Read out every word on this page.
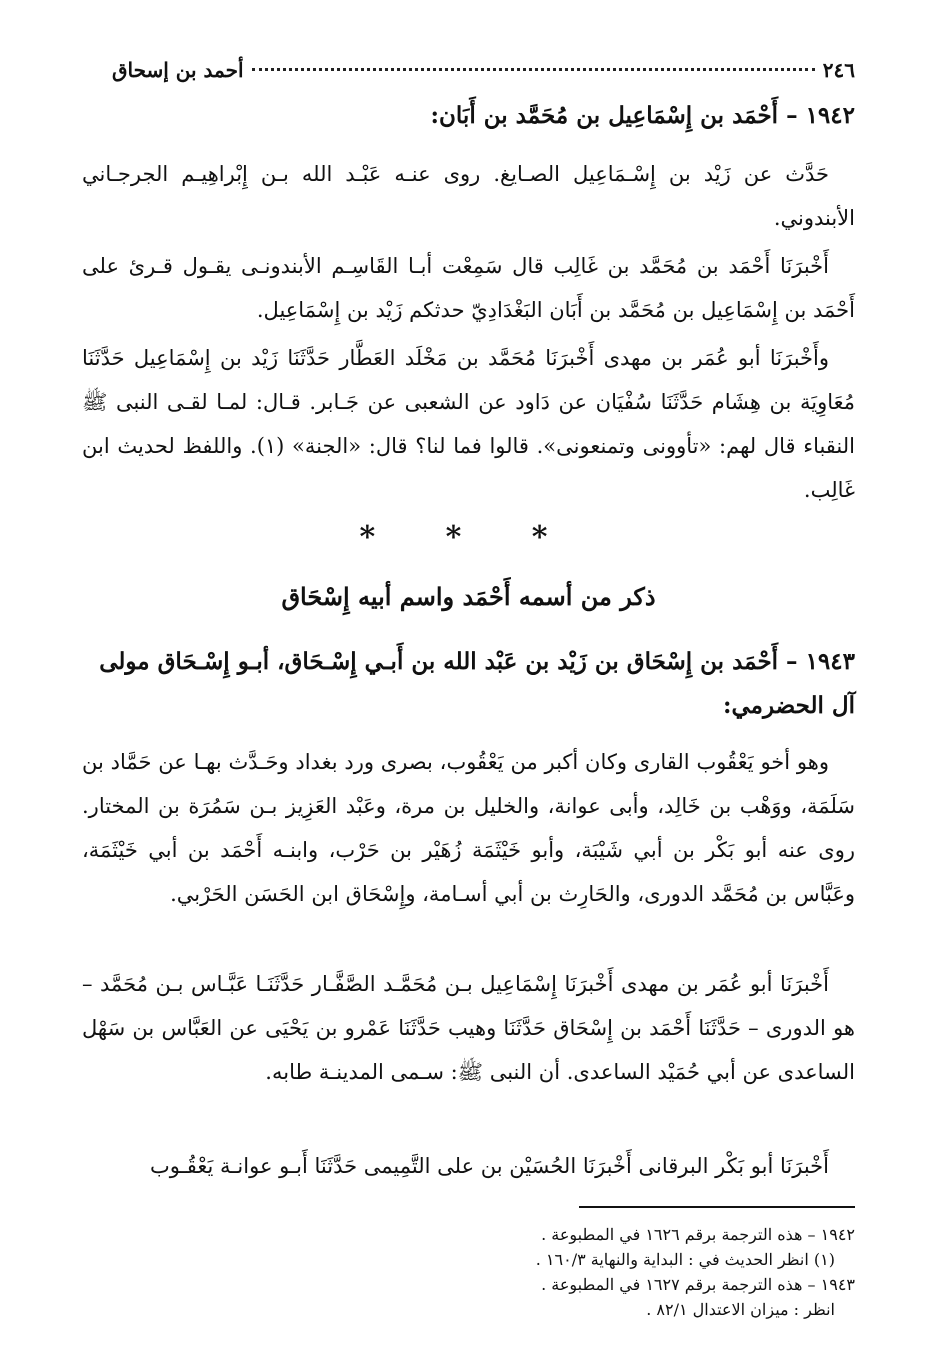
٢٤٦
أحمد بن إسحاق
١٩٤٢ – أَحْمَد بن إِسْمَاعِيل بن مُحَمَّد بن أَبَان:
حَدَّث عن زَيْد بن إِسْـمَاعِيل الصـايغ. روى عنـه عَبْـد الله بـن إِبْراهِيـم الجرجـاني الأبندوني.
أَخْبرَنَا أَحْمَد بن مُحَمَّد بن غَالِب قال سَمِعْت أبـا القَاسِـم الأبندونـى يقـول قـرئ على أَحْمَد بن إِسْمَاعِيل بن مُحَمَّد بن أَبَان البَغْدَادِيّ حدثكم زَيْد بن إِسْمَاعِيل.
وأَخْبرَنَا أبو عُمَر بن مهدى أَخْبرَنَا مُحَمَّد بن مَخْلَد العَطَّار حَدَّثَنَا زَيْد بن إِسْمَاعِيل حَدَّثَنَا مُعَاوِيَة بن هِشَام حَدَّثَنَا سُفْيَان عن دَاود عن الشعبى عن جَـابر. قـال: لمـا لقـى النبى ﷺ النقباء قال لهم: «تأوونى وتمنعونى». قالوا فما لنا؟ قال: «الجنة» (١). واللفظ لحديث ابن غَالِب.
* * *
ذكر من أسمه أَحْمَد واسم أبيه إِسْحَاق
١٩٤٣ – أَحْمَد بن إِسْحَاق بن زَيْد بن عَبْد الله بن أَبـي إِسْـحَاق، أبـو إِسْـحَاق مولى آل الحضرمي:
وهو أخو يَعْقُوب القارى وكان أكبر من يَعْقُوب، بصرى ورد بغداد وحَـدَّث بهـا عن حَمَّاد بن سَلَمَة، ووَهْب بن خَالِد، وأبى عوانة، والخليل بن مرة، وعَبْد العَزِيز بـن سَمُرَة بن المختار. روى عنه أبو بَكْر بن أبي شَيْبَة، وأبو خَيْثَمَة زُهَيْر بن حَرْب، وابنـه أَحْمَد بن أبي خَيْثَمَة، وعَبَّاس بن مُحَمَّد الدورى، والحَارِث بن أبي أسـامة، وإِسْحَاق ابن الحَسَن الحَرْبي.
أَخْبرَنَا أبو عُمَر بن مهدى أَخْبرَنَا إِسْمَاعِيل بـن مُحَمَّـد الصَّفَّـار حَدَّثَنَـا عَبَّـاس بـن مُحَمَّد – هو الدورى – حَدَّثَنَا أَحْمَد بن إِسْحَاق حَدَّثَنَا وهيب حَدَّثَنَا عَمْرو بن يَحْيَى عن العَبَّاس بن سَهْل الساعدى عن أبي حُمَيْد الساعدى. أن النبى ﷺ: سـمى المدينـة طابه.
أَخْبرَنَا أبو بَكْر البرقانى أَخْبرَنَا الحُسَيْن بن على التَّمِيمى حَدَّثَنَا أَبـو عوانـة يَعْقُـوب
١٩٤٢ – هذه الترجمة برقم ١٦٢٦ في المطبوعة .
(١) انظر الحديث في : البداية والنهاية ١٦٠/٣ .
١٩٤٣ – هذه الترجمة برقم ١٦٢٧ في المطبوعة .
انظر : ميزان الاعتدال ٨٢/١ .
